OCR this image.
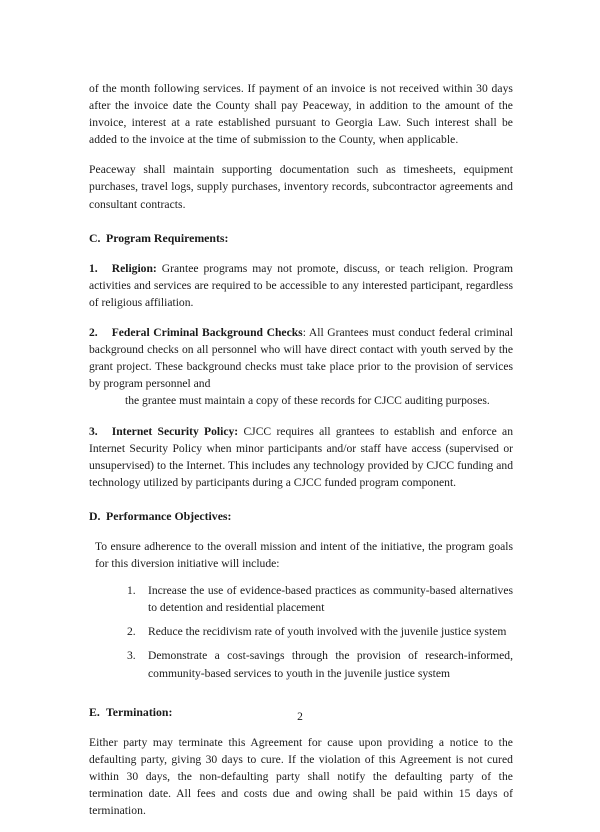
of the month following services. If payment of an invoice is not received within 30 days after the invoice date the County shall pay Peaceway, in addition to the amount of the invoice, interest at a rate established pursuant to Georgia Law. Such interest shall be added to the invoice at the time of submission to the County, when applicable.

Peaceway shall maintain supporting documentation such as timesheets, equipment purchases, travel logs, supply purchases, inventory records, subcontractor agreements and consultant contracts.

C. Program Requirements:

1. Religion: Grantee programs may not promote, discuss, or teach religion. Program activities and services are required to be accessible to any interested participant, regardless of religious affiliation.

2. Federal Criminal Background Checks: All Grantees must conduct federal criminal background checks on all personnel who will have direct contact with youth served by the grant project. These background checks must take place prior to the provision of services by program personnel and
the grantee must maintain a copy of these records for CJCC auditing purposes.

3. Internet Security Policy: CJCC requires all grantees to establish and enforce an Internet Security Policy when minor participants and/or staff have access (supervised or unsupervised) to the Internet. This includes any technology provided by CJCC funding and technology utilized by participants during a CJCC funded program component.

D. Performance Objectives:

To ensure adherence to the overall mission and intent of the initiative, the program goals for this diversion initiative will include:

1.	Increase the use of evidence-based practices as community-based alternatives to detention and residential placement
2.	Reduce the recidivism rate of youth involved with the juvenile justice system
3.	Demonstrate a cost-savings through the provision of research-informed, community-based services to youth in the juvenile justice system
E. Termination:

Either party may terminate this Agreement for cause upon providing a notice to the defaulting party, giving 30 days to cure. If the violation of this Agreement is not cured within 30 days, the non-defaulting party shall notify the defaulting party of the termination date. All fees and costs due and owing shall be paid within 15 days of termination.

2
